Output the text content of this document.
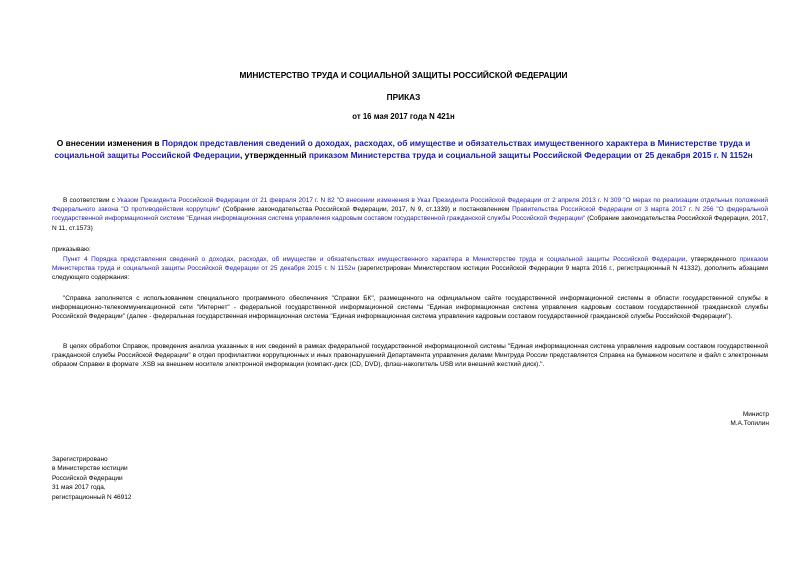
МИНИСТЕРСТВО ТРУДА И СОЦИАЛЬНОЙ ЗАЩИТЫ РОССИЙСКОЙ ФЕДЕРАЦИИ
ПРИКАЗ
от 16 мая 2017 года N 421н
О внесении изменения в Порядок представления сведений о доходах, расходах, об имуществе и обязательствах имущественного характера в Министерстве труда и социальной защиты Российской Федерации, утвержденный приказом Министерства труда и социальной защиты Российской Федерации от 25 декабря 2015 г. N 1152н
В соответствии с Указом Президента Российской Федерации от 21 февраля 2017 г. N 82 "О внесении изменения в Указ Президента Российской Федерации от 2 апреля 2013 г. N 309 "О мерах по реализации отдельных положений Федерального закона "О противодействии коррупции" (Собрание законодательства Российской Федерации, 2017, N 9, ст.1339) и постановлением Правительства Российской Федерации от 3 марта 2017 г. N 256 "О федеральной государственной информационной системе "Единая информационная система управления кадровым составом государственной гражданской службы Российской Федерации" (Собрание законодательства Российской Федерации, 2017, N 11, ст.1573)
приказываю:
Пункт 4 Порядка представления сведений о доходах, расходах, об имуществе и обязательствах имущественного характера в Министерстве труда и социальной защиты Российской Федерации, утвержденного приказом Министерства труда и социальной защиты Российской Федерации от 25 декабря 2015 г. N 1152н (зарегистрирован Министерством юстиции Российской Федерации 9 марта 2016 г., регистрационный N 41332), дополнить абзацами следующего содержания:
"Справка заполняется с использованием специального программного обеспечения "Справки БК", размещенного на официальном сайте государственной информационной системы в области государственной службы в информационно-телекоммуникационной сети "Интернет" - федеральной государственной информационной системы "Единая информационная система управления кадровым составом государственной гражданской службы Российской Федерации" (далее - федеральная государственная информационная система "Единая информационная система управления кадровым составом государственной гражданской службы Российской Федерации").
В целях обработки Справок, проведения анализа указанных в них сведений в рамках федеральной государственной информационной системы "Единая информационная система управления кадровым составом государственной гражданской службы Российской Федерации" в отдел профилактики коррупционных и иных правонарушений Департамента управления делами Минтруда России представляется Справка на бумажном носителе и файл с электронным образом Справки в формате .XSB на внешнем носителе электронной информации (компакт-диск (CD, DVD), флэш-накопитель USB или внешний жесткий диск).".
Министр
М.А.Топилин
Зарегистрировано
в Министерстве юстиции
Российской Федерации
31 мая 2017 года,
регистрационный N 46912
